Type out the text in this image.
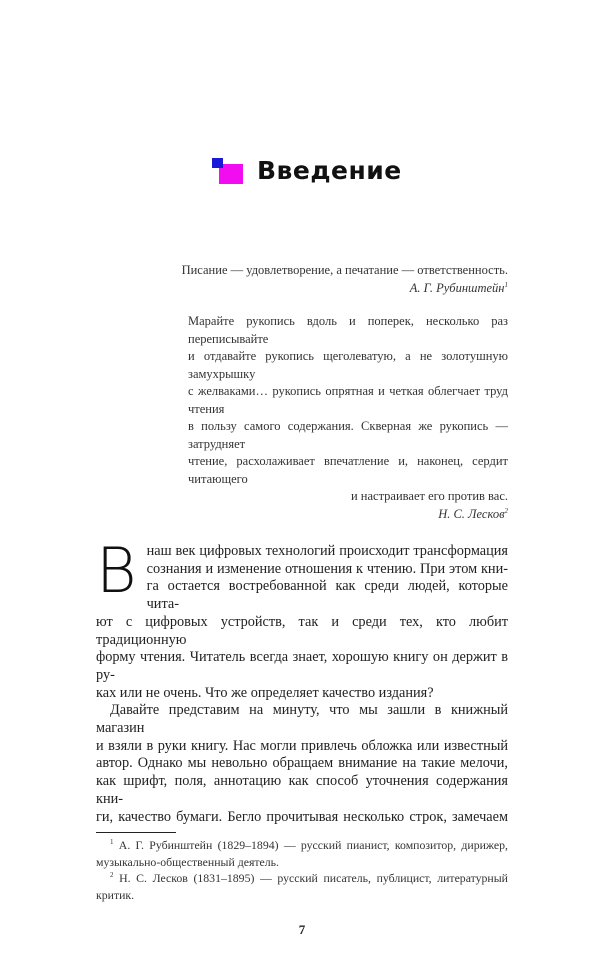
Введение
Писание — удовлетворение, а печатание — ответственность.
А. Г. Рубинштейн$^1$
Марайте рукопись вдоль и поперек, несколько раз переписывайте
и отдавайте рукопись щеголеватую, а не золотушную замухрышку
с желваками… рукопись опрятная и четкая облегчает труд чтения
в пользу самого содержания. Скверная же рукопись — затрудняет
чтение, расхолаживает впечатление и, наконец, сердит читающего
и настраивает его против вас.
Н. С. Лесков$^2$
В наш век цифровых технологий происходит трансформация
сознания и изменение отношения к чтению. При этом кни-
га остается востребованной как среди людей, которые чита-
ют с цифровых устройств, так и среди тех, кто любит традиционную
форму чтения. Читатель всегда знает, хорошую книгу он держит в ру-
ках или не очень. Что же определяет качество издания?
Давайте представим на минуту, что мы зашли в книжный магазин
и взяли в руки книгу. Нас могли привлечь обложка или известный
автор. Однако мы невольно обращаем внимание на такие мелочи,
как шрифт, поля, аннотацию как способ уточнения содержания кни-
ги, качество бумаги. Бегло прочитывая несколько строк, замечаем
$^1$ А. Г. Рубинштейн (1829–1894) — русский пианист, композитор, дирижер,
музыкально-общественный деятель.
$^2$ Н. С. Лесков (1831–1895) — русский писатель, публицист, литературный
критик.
7
